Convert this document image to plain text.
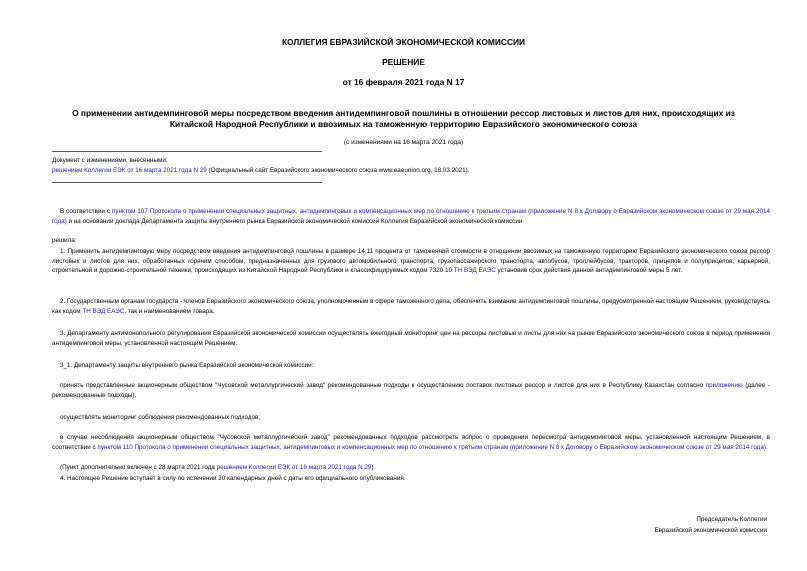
КОЛЛЕГИЯ ЕВРАЗИЙСКОЙ ЭКОНОМИЧЕСКОЙ КОМИССИИ
РЕШЕНИЕ
от 16 февраля 2021 года N 17
О применении антидемпинговой меры посредством введения антидемпинговой пошлины в отношении рессор листовых и листов для них, происходящих из
Китайской Народной Республики и ввозимых на таможенную территорию Евразийского экономического союза
(с изменениями на 16 марта 2021 года)
Документ с изменениями, внесенными:
решением Коллегии ЕЭК от 16 марта 2021 года N 29 (Официальный сайт Евразийского экономического союза www.eaeunion.org, 18.03.2021).
В соответствии с пунктом 107 Протокола о применении специальных защитных, антидемпинговых и компенсационных мер по отношению к третьим странам (приложение N 8 к Договору о Евразийском экономическом союзе от 29 мая 2014 года) и на основании доклада Департамента защиты внутреннего рынка Евразийской экономической комиссии Коллегия Евразийской экономической комиссии
решила:
1. Применить антидемпинговую меру посредством введения антидемпинговой пошлины в размере 14,11 процента от таможенной стоимости в отношении ввозимых на таможенную территорию Евразийского экономического союза рессор листовых и листов для них, обработанных горячим способом, предназначенных для грузового автомобильного транспорта, грузопассажирского транспорта, автобусов, троллейбусов, тракторов, прицепов и полуприцепов, карьерной, строительной и дорожно-строительной техники, происходящих из Китайской Народной Республики и классифицируемых кодом 7320 10 ТН ВЭД ЕАЭС установив срок действия данной антидемпинговой меры 5 лет.
2. Государственным органам государств - членов Евразийского экономического союза, уполномоченным в сфере таможенного дела, обеспечить взимание антидемпинговой пошлины, предусмотренной настоящим Решением, руководствуясь как кодом ТН ВЭД ЕАЭС, так и наименованием товара.
3. Департаменту антимонопольного регулирования Евразийской экономической комиссии осуществлять ежегодный мониторинг цен на рессоры листовые и листы для них на рынке Евразийского экономического союза в период применения антидемпинговой меры, установленной настоящим Решением.
3_1. Департаменту защиты внутреннего рынка Евразийской экономической комиссии:
принять представленные акционерным обществом "Чусовской металлургический завод" рекомендованные подходы к осуществлению поставок листовых рессор и листов для них в Республику Казахстан согласно приложению (далее - рекомендованные подходы);
осуществлять мониторинг соблюдения рекомендованных подходов;
в случае несоблюдения акционерным обществом "Чусовской металлургический завод" рекомендованных подходов рассмотреть вопрос о проведении пересмотра антидемпинговой меры, установленной настоящим Решением, в соответствии с пунктом 110 Протокола о применении специальных защитных, антидемпинговых и компенсационных мер по отношению к третьим странам (приложение N 8 к Договору о Евразийском экономическом союзе от 29 мая 2014 года).
(Пункт дополнительно включен с 28 марта 2021 года решением Коллегии ЕЭК от 16 марта 2021 года N 29)
4. Настоящее Решение вступает в силу по истечении 30 календарных дней с даты его официального опубликования.
Председатель Коллегии
Евразийской экономической комиссии
